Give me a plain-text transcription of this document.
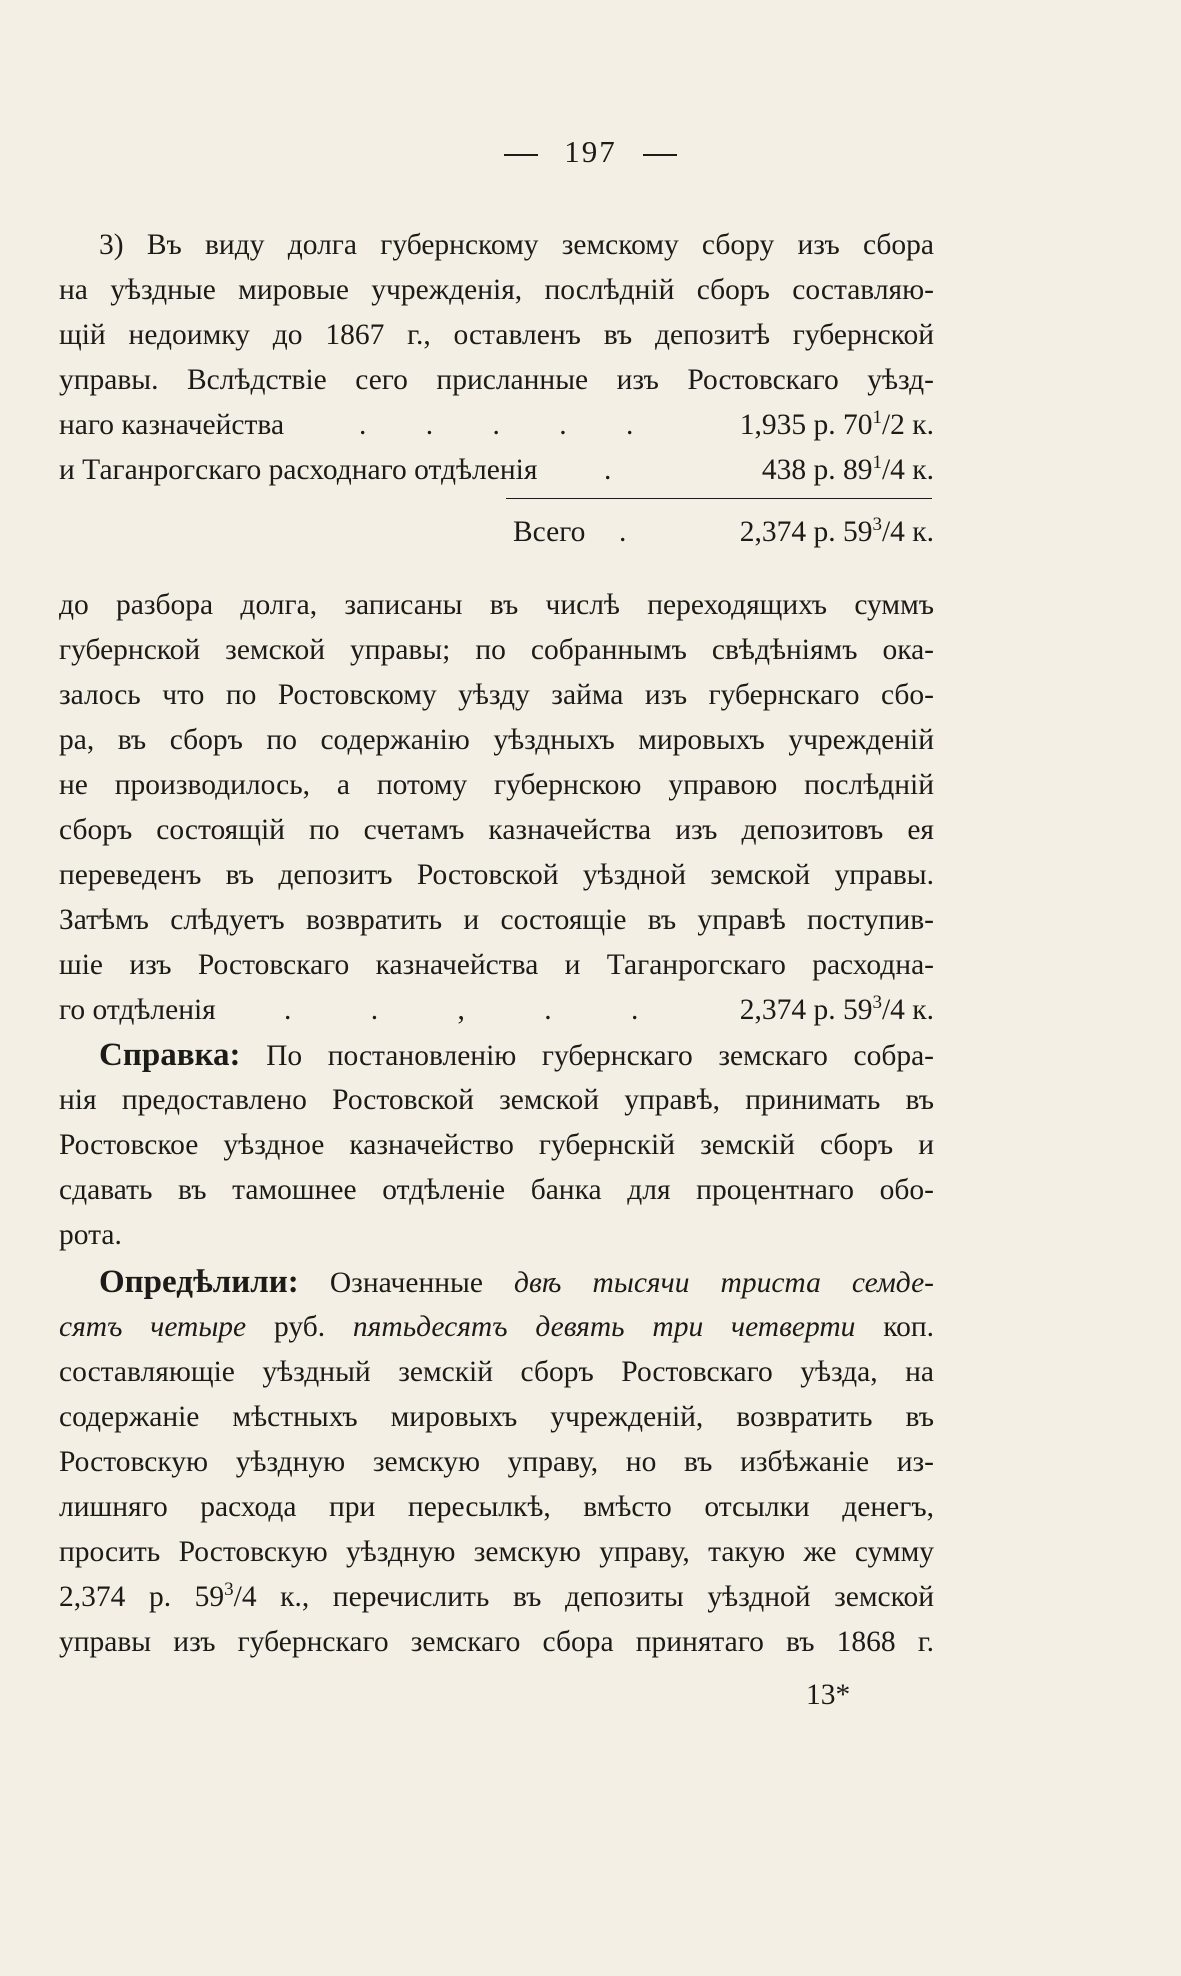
197
3) Въ виду долга губернскому земскому сбору изъ сбора
на уѣздные мировые учрежденія, послѣдній сборъ составляю-
щій недоимку до 1867 г., оставленъ въ депозитѣ губернской
управы. Вслѣдствіе сего присланные изъ Ростовскаго уѣзд-
наго казначейства	. . . . .	1,935 р. $70^1/2$ к.
и Таганрогскаго расходнаго отдѣленія .	438 р. $89^1/4$ к.
Всего .	2,374 р. $59^3/4$ к.
до разбора долга, записаны въ числѣ переходящихъ суммъ
губернской земской управы; по собраннымъ свѣдѣніямъ ока-
залось что по Ростовскому уѣзду займа изъ губернскаго сбо-
ра, въ сборъ по содержанію уѣздныхъ мировыхъ учрежденій
не производилось, а потому губернскою управою послѣдній
сборъ состоящій по счетамъ казначейства изъ депозитовъ ея
переведенъ въ депозитъ Ростовской уѣздной земской управы.
Затѣмъ слѣдуетъ возвратить и состоящіе въ управѣ поступив-
шіе изъ Ростовскаго казначейства и Таганрогскаго расходна-
го отдѣленія . . , . . 2,374 р. $59^3/4$ к.
Справка: По постановленію губернскаго земскаго собра-
нія предоставлено Ростовской земской управѣ, принимать въ
Ростовское уѣздное казначейство губернскій земскій сборъ и
сдавать въ тамошнее отдѣленіе банка для процентнаго обо-
рота.
Опредѣлили: Означенные двѣ тысячи триста семде-
сятъ четыре руб. пятьдесятъ девять три четверти коп.
составляющіе уѣздный земскій сборъ Ростовскаго уѣзда, на
содержаніе мѣстныхъ мировыхъ учрежденій, возвратить въ
Ростовскую уѣздную земскую управу, но въ избѣжаніе из-
лишняго расхода при пересылкѣ, вмѣсто отсылки денегъ,
просить Ростовскую уѣздную земскую управу, такую же сумму
2,374 р. $59^3/4$ к., перечислить въ депозиты уѣздной земской
управы изъ губернскаго земскаго сбора принятаго въ 1868 г.
13*
